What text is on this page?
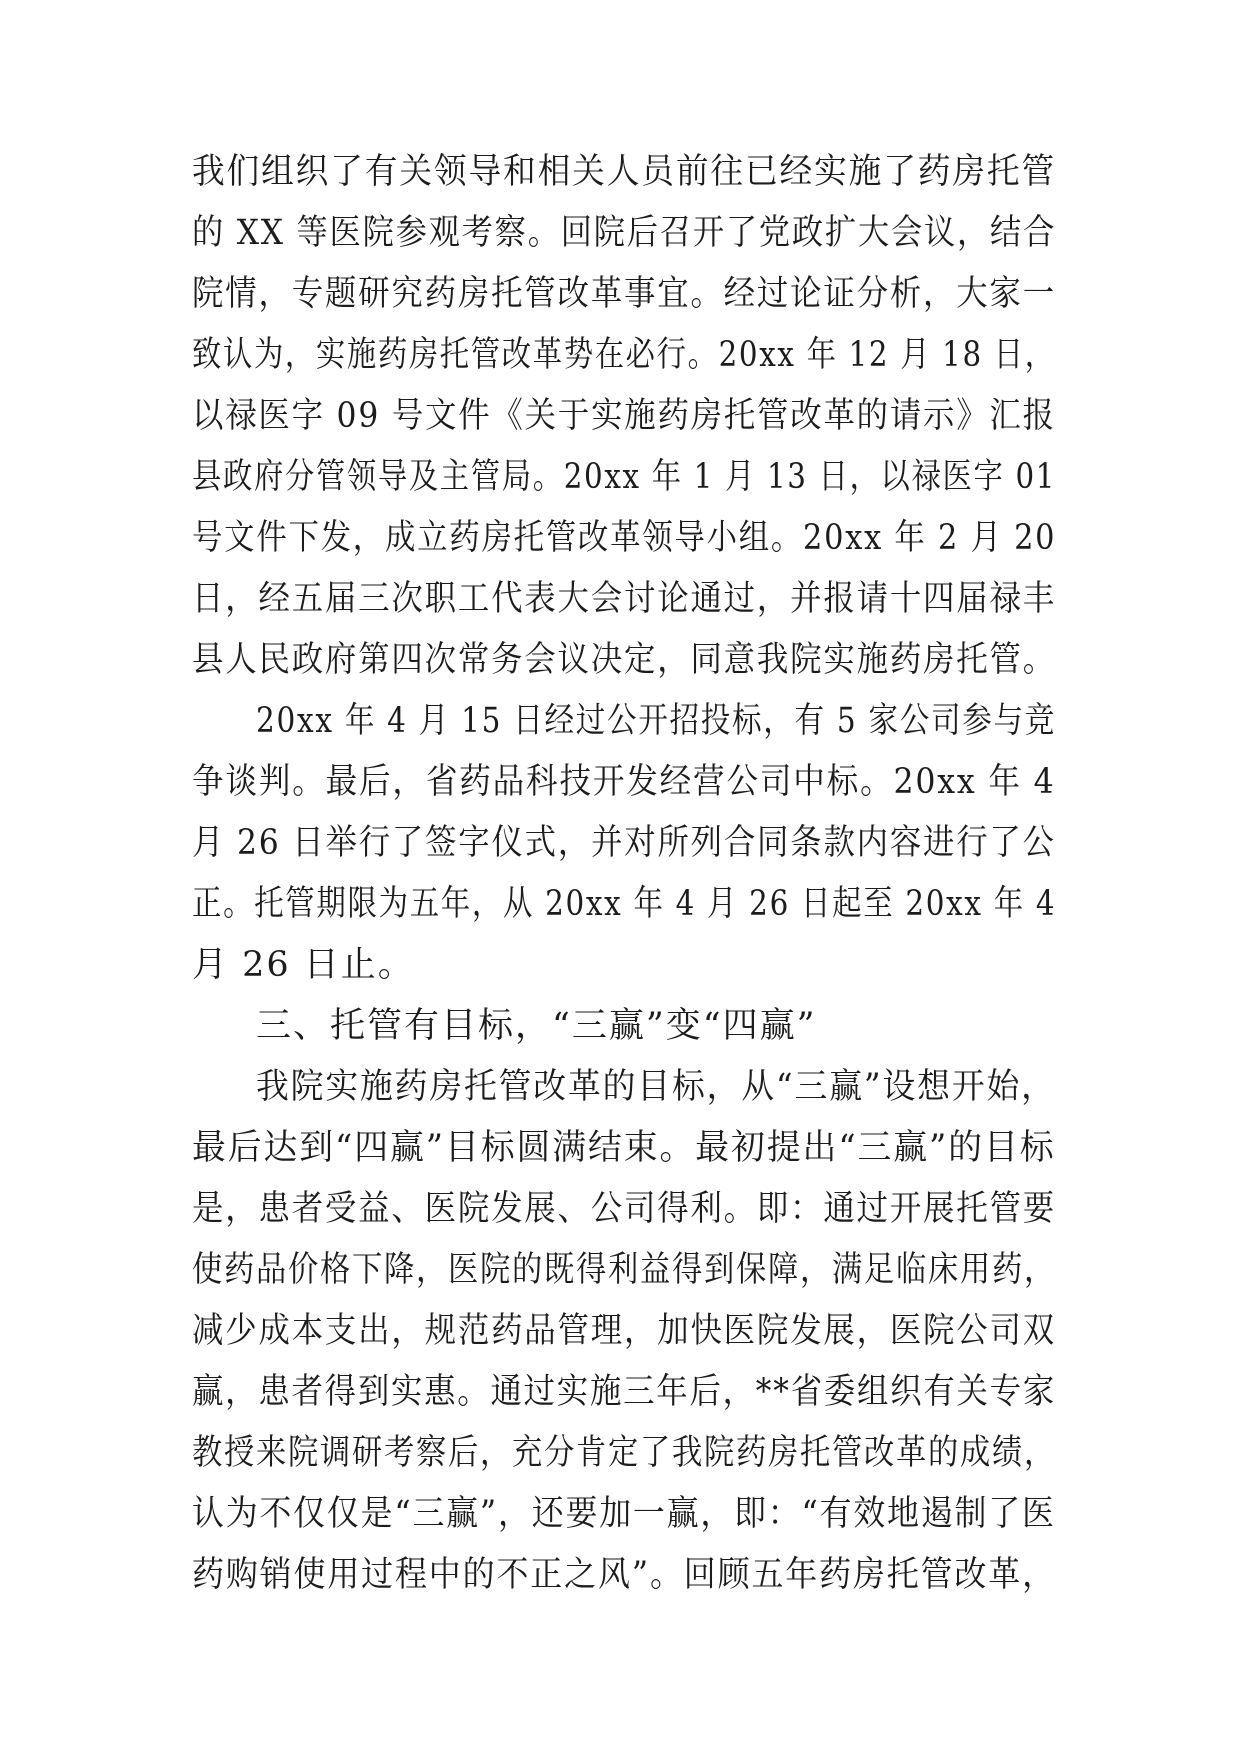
我们组织了有关领导和相关人员前往已经实施了药房托管
的 XX 等医院参观考察。回院后召开了党政扩大会议，结合
院情，专题研究药房托管改革事宜。经过论证分析，大家一
致认为，实施药房托管改革势在必行。20xx 年 12 月 18 日，
以禄医字 09 号文件《关于实施药房托管改革的请示》汇报
县政府分管领导及主管局。20xx 年 1 月 13 日，以禄医字 01
号文件下发，成立药房托管改革领导小组。20xx 年 2 月 20
日，经五届三次职工代表大会讨论通过，并报请十四届禄丰
县人民政府第四次常务会议决定，同意我院实施药房托管。
20xx 年 4 月 15 日经过公开招投标，有 5 家公司参与竞
争谈判。最后，省药品科技开发经营公司中标。20xx 年 4
月 26 日举行了签字仪式，并对所列合同条款内容进行了公
正。托管期限为五年，从 20xx 年 4 月 26 日起至 20xx 年 4
月 26 日止。
三、托管有目标，“三赢”变“四赢”
我院实施药房托管改革的目标，从“三赢”设想开始，
最后达到“四赢”目标圆满结束。最初提出“三赢”的目标
是，患者受益、医院发展、公司得利。即：通过开展托管要
使药品价格下降，医院的既得利益得到保障，满足临床用药，
减少成本支出，规范药品管理，加快医院发展，医院公司双
赢，患者得到实惠。通过实施三年后，**省委组织有关专家
教授来院调研考察后，充分肯定了我院药房托管改革的成绩，
认为不仅仅是“三赢”，还要加一赢，即：“有效地遏制了医
药购销使用过程中的不正之风”。回顾五年药房托管改革，
